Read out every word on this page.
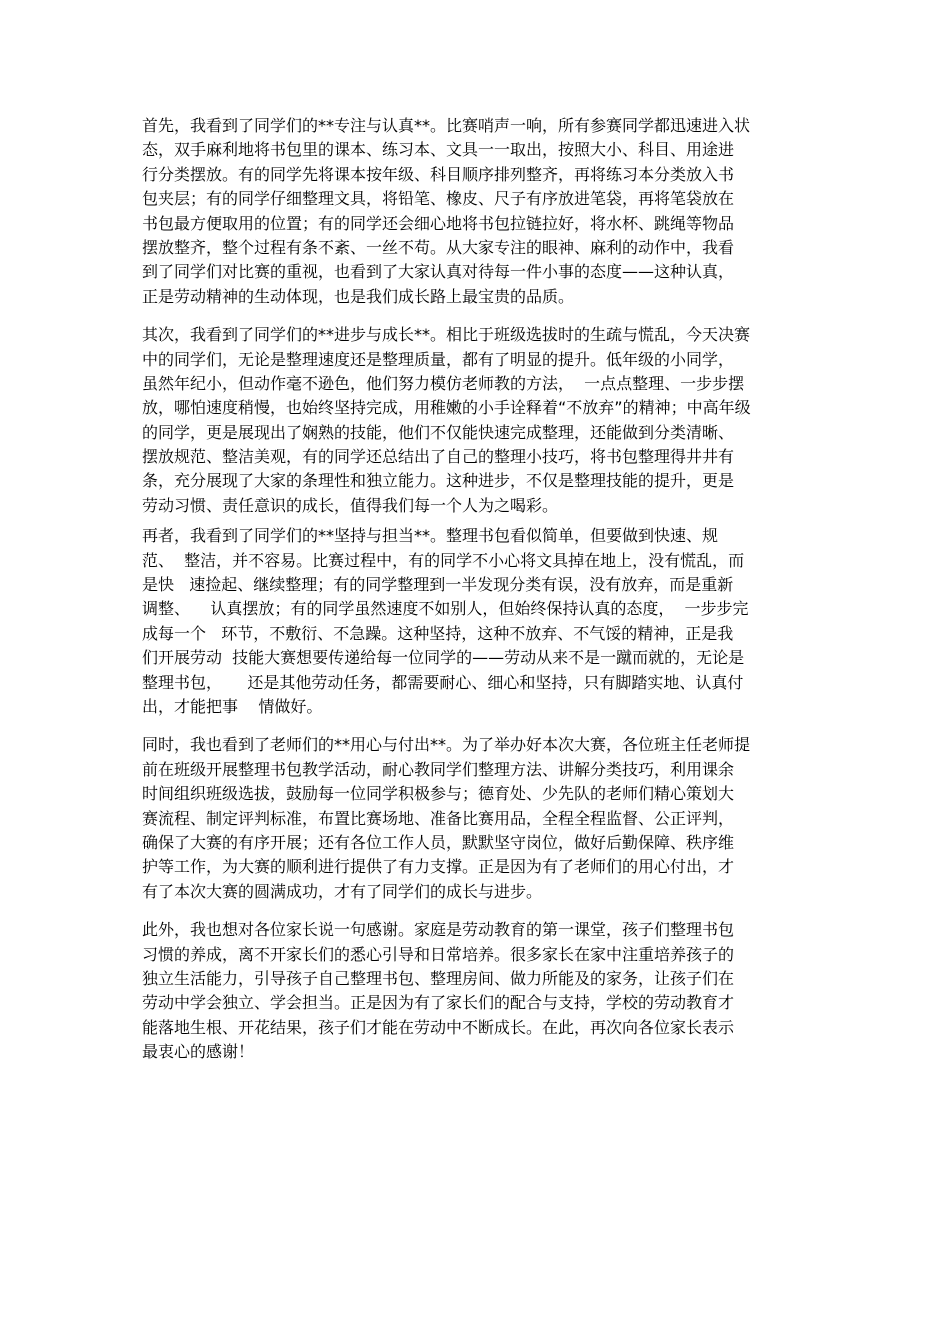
首先，我看到了同学们的**专注与认真**。比赛哨声一响，所有参赛同学都迅速进入状
态，双手麻利地将书包里的课本、练习本、文具一一取出，按照大小、科目、用途进
行分类摆放。有的同学先将课本按年级、科目顺序排列整齐，再将练习本分类放入书
包夹层；有的同学仔细整理文具，将铅笔、橡皮、尺子有序放进笔袋，再将笔袋放在
书包最方便取用的位置；有的同学还会细心地将书包拉链拉好，将水杯、跳绳等物品
摆放整齐，整个过程有条不紊、一丝不苟。从大家专注的眼神、麻利的动作中，我看
到了同学们对比赛的重视，也看到了大家认真对待每一件小事的态度——这种认真，
正是劳动精神的生动体现，也是我们成长路上最宝贵的品质。
其次，我看到了同学们的**进步与成长**。相比于班级选拔时的生疏与慌乱，今天决赛
中的同学们，无论是整理速度还是整理质量，都有了明显的提升。低年级的小同学，
虽然年纪小，但动作毫不逊色，他们努力模仿老师教的方法，  一点点整理、一步步摆
放，哪怕速度稍慢，也始终坚持完成，用稚嫩的小手诠释着“不放弃”的精神；中高年级
的同学，更是展现出了娴熟的技能，他们不仅能快速完成整理，还能做到分类清晰、
摆放规范、整洁美观，有的同学还总结出了自己的整理小技巧，将书包整理得井井有
条，充分展现了大家的条理性和独立能力。这种进步，不仅是整理技能的提升，更是
劳动习惯、责任意识的成长，值得我们每一个人为之喝彩。
再者，我看到了同学们的**坚持与担当**。整理书包看似简单，但要做到快速、规
范、  整洁，并不容易。比赛过程中，有的同学不小心将文具掉在地上，没有慌乱，而
是快   速捡起、继续整理；有的同学整理到一半发现分类有误，没有放弃，而是重新
调整、    认真摆放；有的同学虽然速度不如别人，但始终保持认真的态度，  一步步完
成每一个   环节，不敷衍、不急躁。这种坚持，这种不放弃、不气馁的精神，正是我
们开展劳动  技能大赛想要传递给每一位同学的——劳动从来不是一蹴而就的，无论是
整理书包，     还是其他劳动任务，都需要耐心、细心和坚持，只有脚踏实地、认真付
出，才能把事    情做好。
同时，我也看到了老师们的**用心与付出**。为了举办好本次大赛，各位班主任老师提
前在班级开展整理书包教学活动，耐心教同学们整理方法、讲解分类技巧，利用课余
时间组织班级选拔，鼓励每一位同学积极参与；德育处、少先队的老师们精心策划大
赛流程、制定评判标准，布置比赛场地、准备比赛用品，全程全程监督、公正评判，
确保了大赛的有序开展；还有各位工作人员，默默坚守岗位，做好后勤保障、秩序维
护等工作，为大赛的顺利进行提供了有力支撑。正是因为有了老师们的用心付出，才
有了本次大赛的圆满成功，才有了同学们的成长与进步。
此外，我也想对各位家长说一句感谢。家庭是劳动教育的第一课堂，孩子们整理书包
习惯的养成，离不开家长们的悉心引导和日常培养。很多家长在家中注重培养孩子的
独立生活能力，引导孩子自己整理书包、整理房间、做力所能及的家务，让孩子们在
劳动中学会独立、学会担当。正是因为有了家长们的配合与支持，学校的劳动教育才
能落地生根、开花结果，孩子们才能在劳动中不断成长。在此，再次向各位家长表示
最衷心的感谢！
